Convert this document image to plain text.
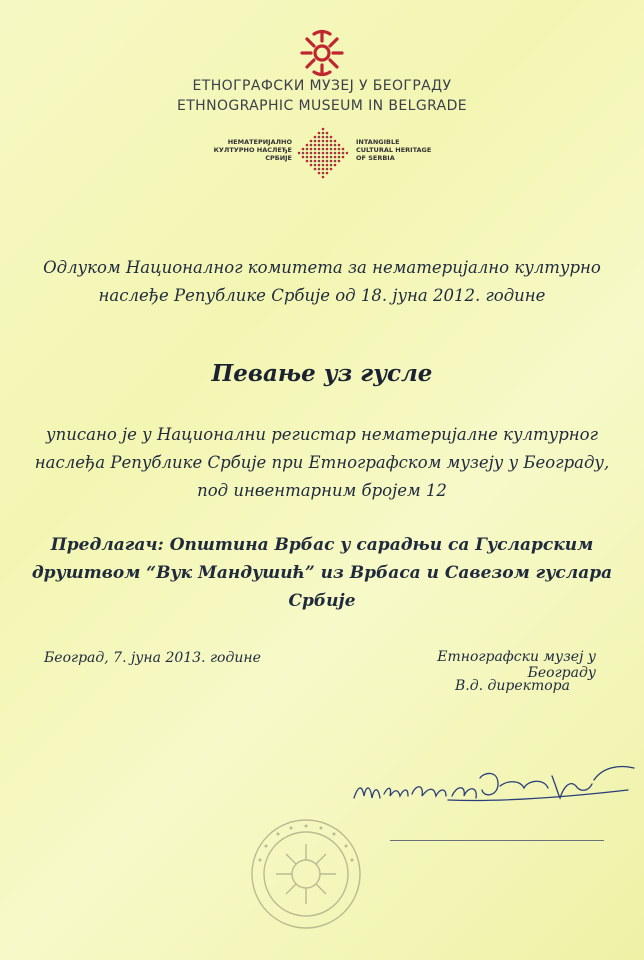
ЕТНОГРАФСКИ МУЗЕЈ У БЕОГРАДУ
ETHNOGRAPHIC MUSEUM IN BELGRADE
НЕМАТЕРИЈАЛНО
КУЛТУРНО НАСЛЕЂЕ
СРБИЈЕ
INTANGIBLE
CULTURAL HERITAGE
OF SERBIA
Одлуком Националног комитета за нематеријално културно
наслеђе Републике Србије од 18. јуна 2012. године
Певање уз гусле
уписано је у Национални регистар нематеријалне културног
наслеђа Републике Србије при Етнографском музеју у Београду,
под инвентарним бројем 12
Предлагач: Општина Врбас у сарадњи са Гусларским
друштвом “Вук Мандушић” из Врбаса и Савезом гуслара
Србије
Београд, 7. јуна 2013. године	Етнографски музеј у Београду
В.д. директора
